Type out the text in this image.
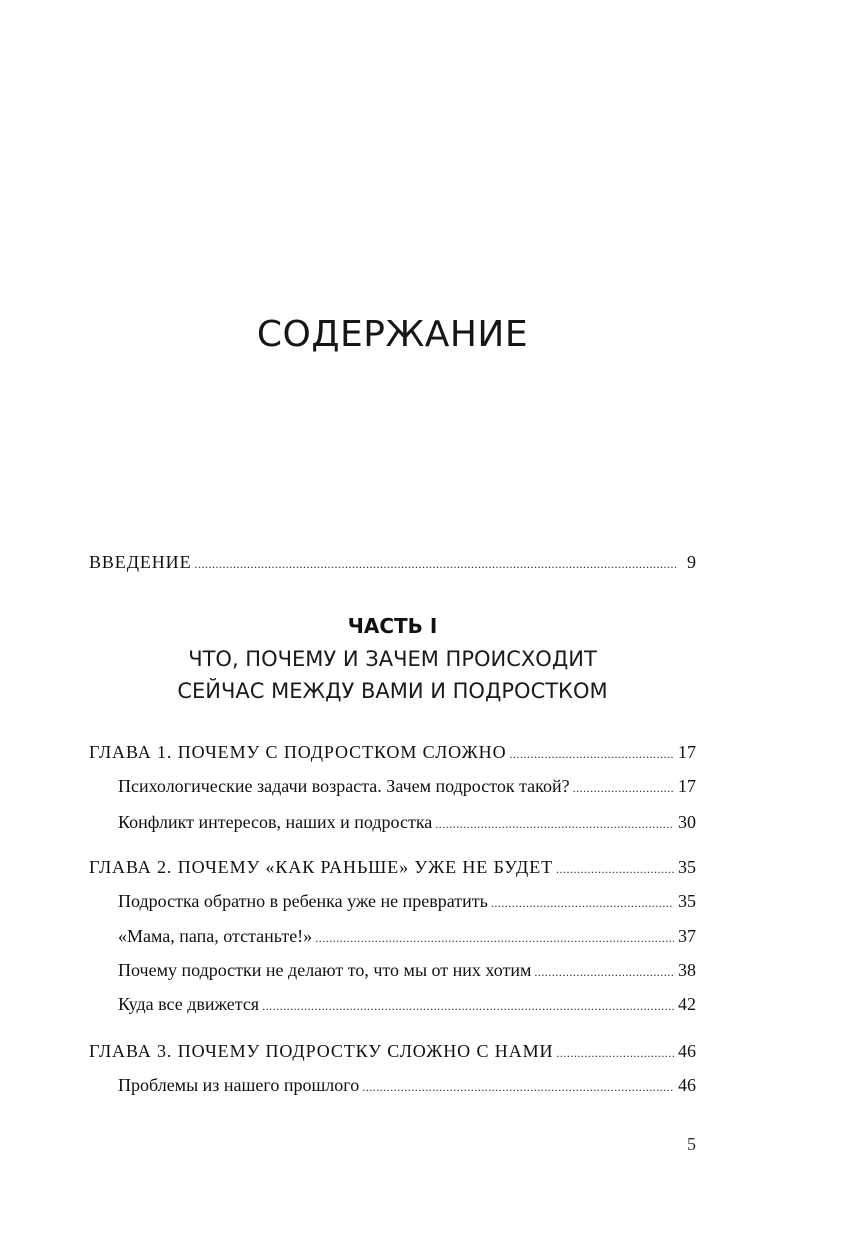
СОДЕРЖАНИЕ
ВВЕДЕНИЕ .....	9
ЧАСТЬ I
ЧТО, ПОЧЕМУ И ЗАЧЕМ ПРОИСХОДИТ
СЕЙЧАС МЕЖДУ ВАМИ И ПОДРОСТКОМ
ГЛАВА 1. ПОЧЕМУ С ПОДРОСТКОМ СЛОЖНО .....	17
Психологические задачи возраста. Зачем подросток такой? .....	17
Конфликт интересов, наших и подростка .....	30
ГЛАВА 2. ПОЧЕМУ «КАК РАНЬШЕ» УЖЕ НЕ БУДЕТ .....	35
Подростка обратно в ребенка уже не превратить .....	35
«Мама, папа, отстаньте!» .....	37
Почему подростки не делают то, что мы от них хотим .....	38
Куда все движется .....	42
ГЛАВА 3. ПОЧЕМУ ПОДРОСТКУ СЛОЖНО С НАМИ .....	46
Проблемы из нашего прошлого .....	46
5
